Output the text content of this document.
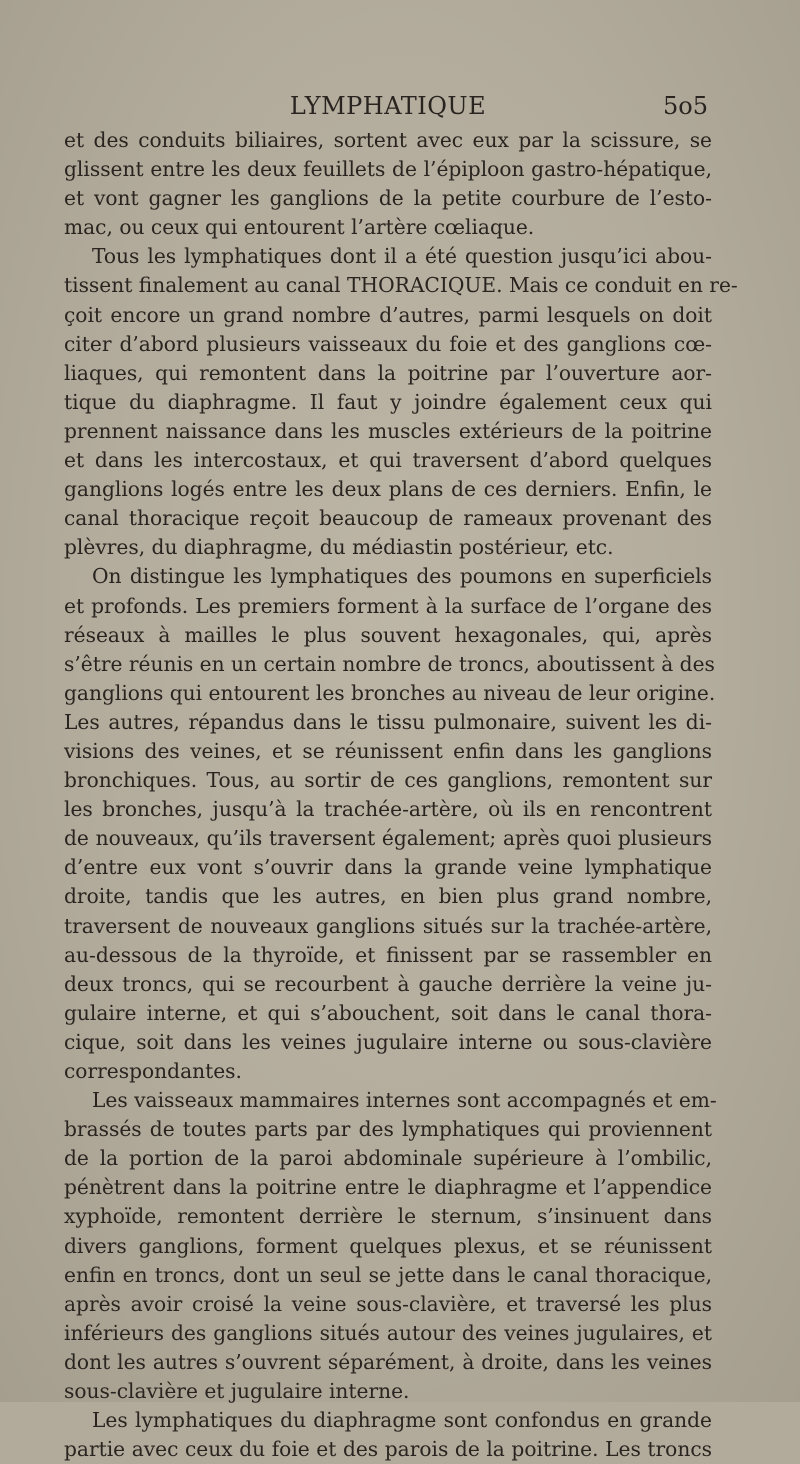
LYMPHATIQUE	5o5
et des conduits biliaires, sortent avec eux par la scissure, se
glissent entre les deux feuillets de l’épiploon gastro-hépatique,
et vont gagner les ganglions de la petite courbure de l’esto-
mac, ou ceux qui entourent l’artère cœliaque.
Tous les lymphatiques dont il a été question jusqu’ici abou-
tissent finalement au canal THORACIQUE. Mais ce conduit en re-
çoit encore un grand nombre d’autres, parmi lesquels on doit
citer d’abord plusieurs vaisseaux du foie et des ganglions cœ-
liaques, qui remontent dans la poitrine par l’ouverture aor-
tique du diaphragme. Il faut y joindre également ceux qui
prennent naissance dans les muscles extérieurs de la poitrine
et dans les intercostaux, et qui traversent d’abord quelques
ganglions logés entre les deux plans de ces derniers. Enfin, le
canal thoracique reçoit beaucoup de rameaux provenant des
plèvres, du diaphragme, du médiastin postérieur, etc.
On distingue les lymphatiques des poumons en superficiels
et profonds. Les premiers forment à la surface de l’organe des
réseaux à mailles le plus souvent hexagonales, qui, après
s’être réunis en un certain nombre de troncs, aboutissent à des
ganglions qui entourent les bronches au niveau de leur origine.
Les autres, répandus dans le tissu pulmonaire, suivent les di-
visions des veines, et se réunissent enfin dans les ganglions
bronchiques. Tous, au sortir de ces ganglions, remontent sur
les bronches, jusqu’à la trachée-artère, où ils en rencontrent
de nouveaux, qu’ils traversent également; après quoi plusieurs
d’entre eux vont s’ouvrir dans la grande veine lymphatique
droite, tandis que les autres, en bien plus grand nombre,
traversent de nouveaux ganglions situés sur la trachée-artère,
au-dessous de la thyroïde, et finissent par se rassembler en
deux troncs, qui se recourbent à gauche derrière la veine ju-
gulaire interne, et qui s’abouchent, soit dans le canal thora-
cique, soit dans les veines jugulaire interne ou sous-clavière
correspondantes.
Les vaisseaux mammaires internes sont accompagnés et em-
brassés de toutes parts par des lymphatiques qui proviennent
de la portion de la paroi abdominale supérieure à l’ombilic,
pénètrent dans la poitrine entre le diaphragme et l’appendice
xyphoïde, remontent derrière le sternum, s’insinuent dans
divers ganglions, forment quelques plexus, et se réunissent
enfin en troncs, dont un seul se jette dans le canal thoracique,
après avoir croisé la veine sous-clavière, et traversé les plus
inférieurs des ganglions situés autour des veines jugulaires, et
dont les autres s’ouvrent séparément, à droite, dans les veines
sous-clavière et jugulaire interne.
Les lymphatiques du diaphragme sont confondus en grande
partie avec ceux du foie et des parois de la poitrine. Les troncs
